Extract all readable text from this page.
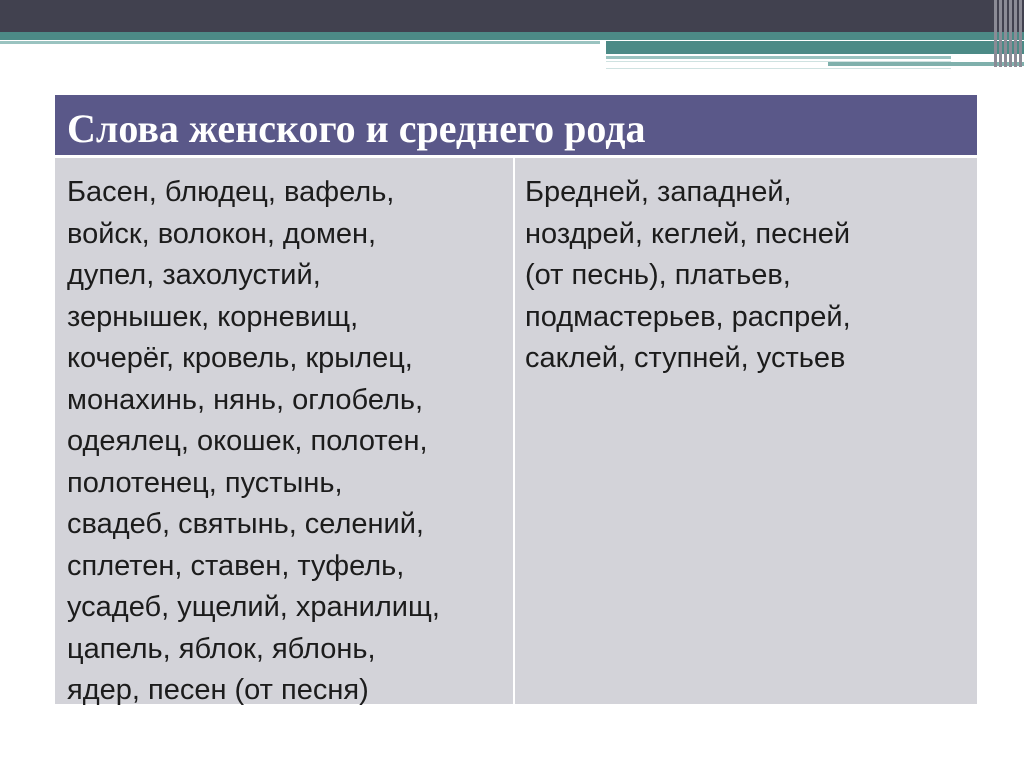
Слова женского и среднего рода
Басен, блюдец, вафель,
войск, волокон, домен,
дупел, захолустий,
зернышек, корневищ,
кочерёг, кровель, крылец,
монахинь, нянь, оглобель,
одеялец, окошек, полотен,
полотенец, пустынь,
свадеб, святынь, селений,
сплетен, ставен, туфель,
усадеб, ущелий, хранилищ,
цапель, яблок, яблонь,
ядер, песен (от песня)
Бредней, западней,
ноздрей, кеглей, песней
(от песнь), платьев,
подмастерьев, распрей,
саклей, ступней, устьев
